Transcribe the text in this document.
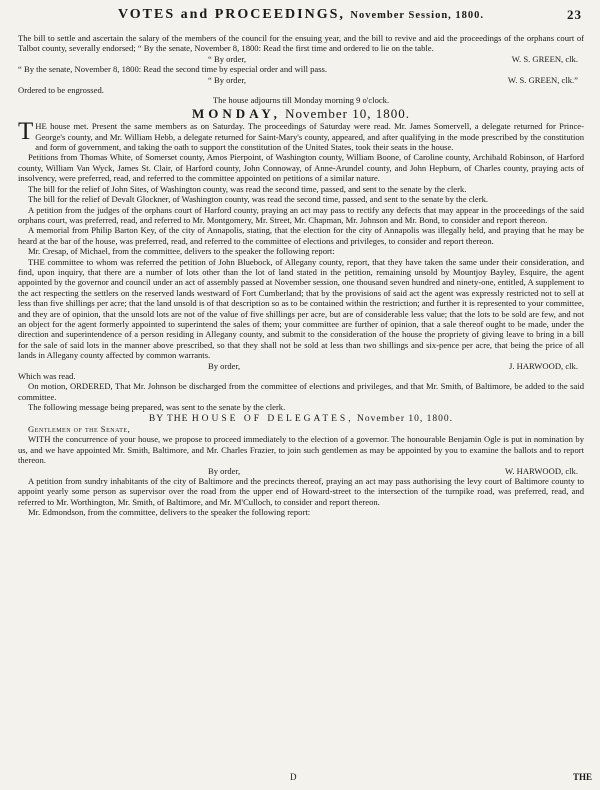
VOTES and PROCEEDINGS, November Session, 1800.	23

The bill to settle and ascertain the salary of the members of the council for the ensuing year, and the bill to revive and aid the proceedings of the orphans court of Talbot county, severally endorsed; “ By the senate, November 8, 1800: Read the first time and ordered to lie on the table.

“ By order,	W. S. GREEN, clk.

“ By the senate, November 8, 1800: Read the second time by especial order and will pass.

“ By order,	W. S. GREEN, clk.”

Ordered to be engrossed.

The house adjourns till Monday morning 9 o'clock.

MONDAY, November 10, 1800.

THE house met. Present the same members as on Saturday. The proceedings of Saturday were read. Mr. James Somervell, a delegate returned for Prince-George's county, and Mr. William Hebb, a delegate returned for Saint-Mary's county, appeared, and after qualifying in the mode prescribed by the constitution and form of government, and taking the oath to support the constitution of the United States, took their seats in the house.

Petitions from Thomas White, of Somerset county, Amos Pierpoint, of Washington county, William Boone, of Caroline county, Archibald Robinson, of Harford county, William Van Wyck, James St. Clair, of Harford county, John Connoway, of Anne-Arundel county, and John Hepburn, of Charles county, praying acts of insolvency, were preferred, read, and referred to the committee appointed on petitions of a similar nature.

The bill for the relief of John Sites, of Washington county, was read the second time, passed, and sent to the senate by the clerk.

The bill for the relief of Devalt Glockner, of Washington county, was read the second time, passed, and sent to the senate by the clerk.

A petition from the judges of the orphans court of Harford county, praying an act may pass to rectify any defects that may appear in the proceedings of the said orphans court, was preferred, read, and referred to Mr. Montgomery, Mr. Street, Mr. Chapman, Mr. Johnson and Mr. Bond, to consider and report thereon.

A memorial from Philip Barton Key, of the city of Annapolis, stating, that the election for the city of Annapolis was illegally held, and praying that he may be heard at the bar of the house, was preferred, read, and referred to the committee of elections and privileges, to consider and report thereon.

Mr. Cresap, of Michael, from the committee, delivers to the speaker the following report:

THE committee to whom was referred the petition of John Bluebock, of Allegany county, report, that they have taken the same under their consideration, and find, upon inquiry, that there are a number of lots other than the lot of land stated in the petition, remaining unsold by Mountjoy Bayley, Esquire, the agent appointed by the governor and council under an act of assembly passed at November session, one thousand seven hundred and ninety-one, entitled, A supplement to the act respecting the settlers on the reserved lands westward of Fort Cumberland; that by the provisions of said act the agent was expressly restricted not to sell at less than five shillings per acre; that the land unsold is of that description so as to be contained within the restriction; and further it is represented to your committee, and they are of opinion, that the unsold lots are not of the value of five shillings per acre, but are of considerable less value; that the lots to be sold are few, and not an object for the agent formerly appointed to superintend the sales of them; your committee are further of opinion, that a sale thereof ought to be made, under the direction and superintendence of a person residing in Allegany county, and submit to the consideration of the house the propriety of giving leave to bring in a bill for the sale of said lots in the manner above prescribed, so that they shall not be sold at less than two shillings and six-pence per acre, that being the price of all lands in Allegany county affected by common warrants.

By order,	J. HARWOOD, clk.

Which was read.

On motion, ORDERED, That Mr. Johnson be discharged from the committee of elections and privileges, and that Mr. Smith, of Baltimore, be added to the said committee.

The following message being prepared, was sent to the senate by the clerk.

BY THE HOUSE OF DELEGATES, November 10, 1800.

Gentlemen of the Senate,

WITH the concurrence of your house, we propose to proceed immediately to the election of a governor. The honourable Benjamin Ogle is put in nomination by us, and we have appointed Mr. Smith, Baltimore, and Mr. Charles Frazier, to join such gentlemen as may be appointed by you to examine the ballots and to report thereon.

By order,	W. HARWOOD, clk.

A petition from sundry inhabitants of the city of Baltimore and the precincts thereof, praying an act may pass authorising the levy court of Baltimore county to appoint yearly some person as supervisor over the road from the upper end of Howard-street to the intersection of the turnpike road, was preferred, read, and referred to Mr. Worthington, Mr. Smith, of Baltimore, and Mr. M'Culloch, to consider and report thereon.

Mr. Edmondson, from the committee, delivers to the speaker the following report:

D	THE
